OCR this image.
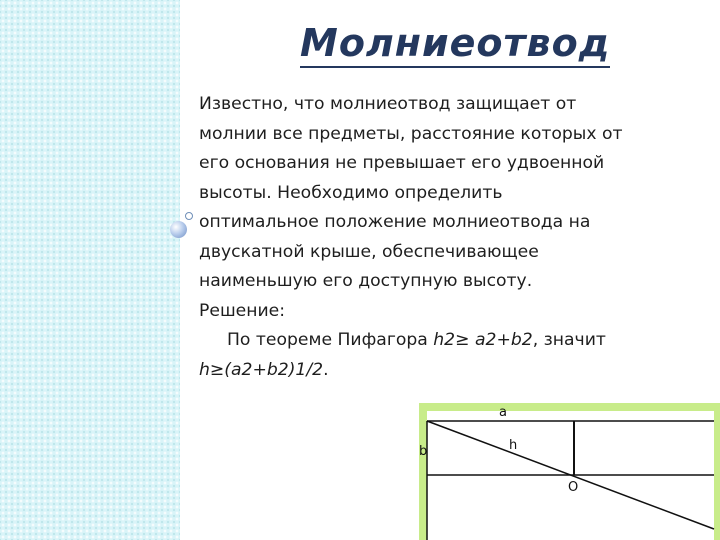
Молниеотвод

Известно, что молниеотвод защищает от

молнии все предметы, расстояние которых от

его основания не превышает его удвоенной

высоты. Необходимо определить

оптимальное положение молниеотвода на

двускатной крыше, обеспечивающее

наименьшую его доступную высоту.

Решение:

По теореме Пифагора h2≥ a2+b2, значит

h≥(a2+b2)1/2.

a
b	h
O
